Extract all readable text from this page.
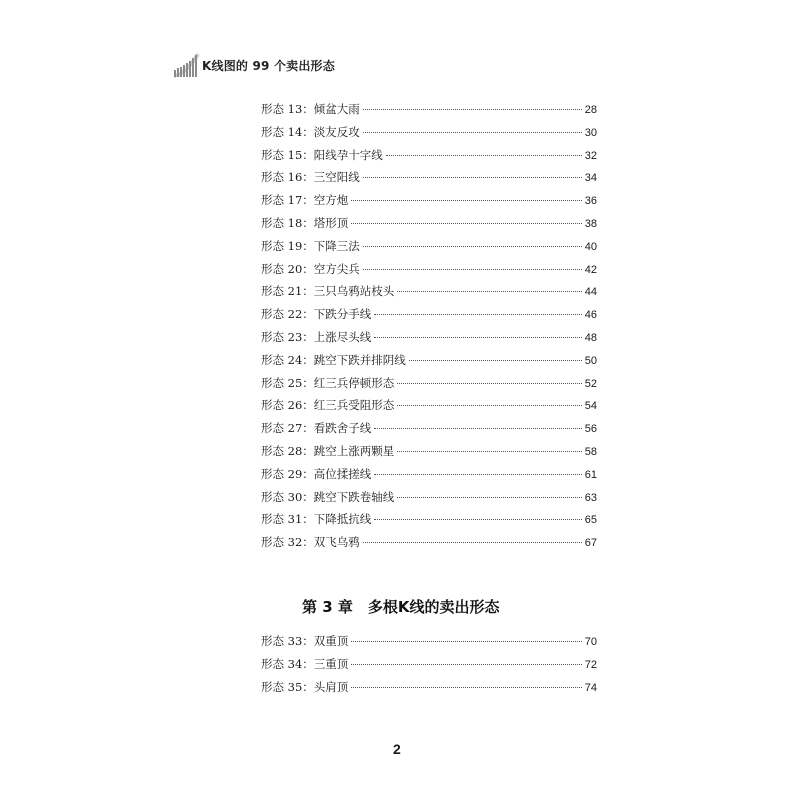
K线图的 99 个卖出形态
形态 13 ： 倾盆大雨	28
形态 14 ： 淡友反攻	30
形态 15 ： 阳线孕十字线	32
形态 16 ： 三空阳线	34
形态 17 ： 空方炮	36
形态 18 ： 塔形顶	38
形态 19 ： 下降三法	40
形态 20 ： 空方尖兵	42
形态 21 ： 三只乌鸦站枝头	44
形态 22 ： 下跌分手线	46
形态 23 ： 上涨尽头线	48
形态 24 ： 跳空下跌并排阴线	50
形态 25 ： 红三兵停顿形态	52
形态 26 ： 红三兵受阻形态	54
形态 27 ： 看跌舍子线	56
形态 28 ： 跳空上涨两颗星	58
形态 29 ： 高位揉搓线	61
形态 30 ： 跳空下跌卷轴线	63
形态 31 ： 下降抵抗线	65
形态 32 ： 双飞乌鸦	67
第 3 章　多根K线的卖出形态
形态 33 ： 双重顶	70
形态 34 ： 三重顶	72
形态 35 ： 头肩顶	74
2
